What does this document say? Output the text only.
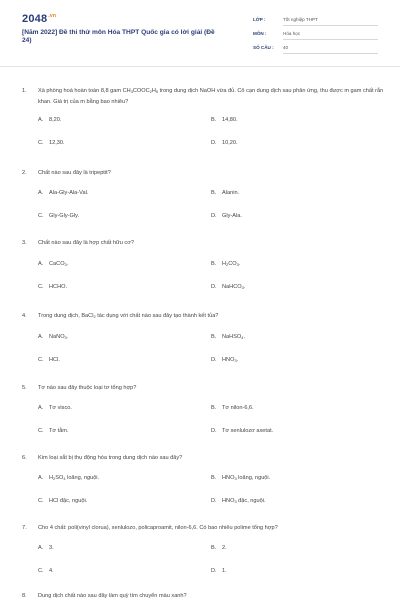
$2048^{.vn}$
[Năm 2022] Đề thi thử môn Hóa THPT Quốc gia có lời giải (Đề 24)
LỚP :	Tốt nghiệp THPT
MÔN :	Hóa học
SỐ CÂU : 40
1. Xà phòng hoá hoàn toàn 8,8 gam $CH_3COOC_2H_5$ trong dung dịch NaOH vừa đủ. Cô cạn dung dịch sau phản ứng, thu được m gam chất rắn khan. Giá trị của m bằng bao nhiêu?
A. 8,20.	B. 14,80.
C. 12,30.	D. 10,20.
2. Chất nào sau đây là tripeptit?
A. Ala-Gly-Ala-Val.	B. Alanin.
C. Gly-Gly-Gly.	D. Gly-Ala.
3. Chất nào sau đây là hợp chất hữu cơ?
A. CaCO$_3$.	B. $H_2CO_3$.
C. HCHO.	D. NaHCO$_3$.
4. Trong dung dịch, BaCl$_2$ tác dụng với chất nào sau đây tạo thành kết tủa?
A. NaNO$_3$.	B. NaHSO$_4$.
C. HCl.	D. $HNO_3$.
5. Tơ nào sau đây thuộc loại tơ tổng hợp?
A. Tơ visco.	B. Tơ nilon-6,6.
C. Tơ tằm.	D. Tơ xenlulozơ axetat.
6. Kim loại sắt bị thụ động hóa trong dung dịch nào sau đây?
A. $H_2SO_4$ loãng, nguội.	B. $HNO_3$ loãng, nguội.
C. HCl đặc, nguội.	D. $HNO_3$ đặc, nguội.
7. Cho 4 chất: poli(vinyl clorua), xenlulozo, policaproamit, nilon-6,6. Có bao nhiêu polime tổng hợp?
A. 3.	B. 2.
C. 4.	D. 1.
8. Dung dịch chất nào sau đây làm quỳ tím chuyển màu xanh?
